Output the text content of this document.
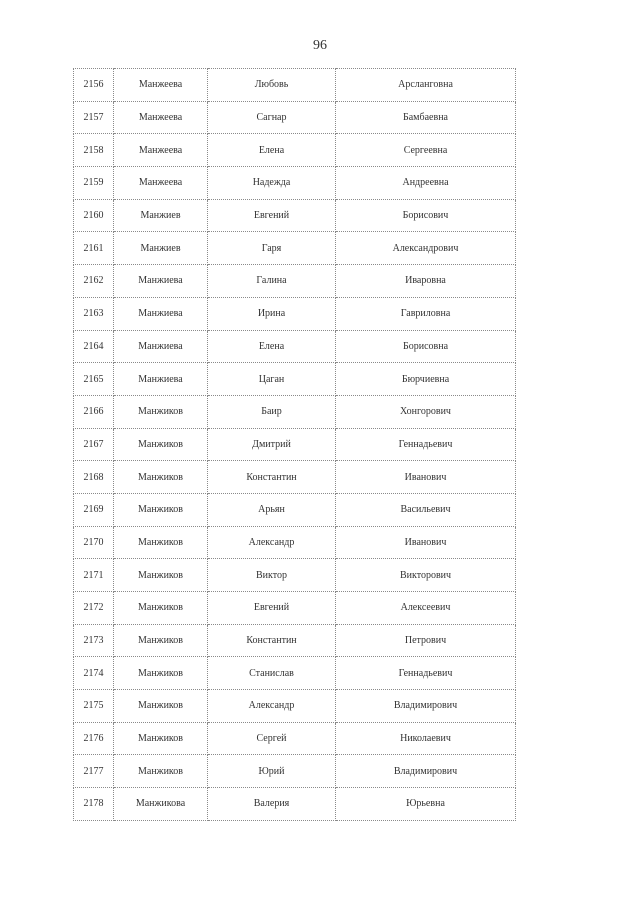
96
2156	Манжеева	Любовь	Арсланговна
2157	Манжеева	Сагнар	Бамбаевна
2158	Манжеева	Елена	Сергеевна
2159	Манжеева	Надежда	Андреевна
2160	Манжиев	Евгений	Борисович
2161	Манжиев	Гаря	Александрович
2162	Манжиева	Галина	Иваровна
2163	Манжиева	Ирина	Гавриловна
2164	Манжиева	Елена	Борисовна
2165	Манжиева	Цаган	Бюрчиевна
2166	Манжиков	Баир	Хонгорович
2167	Манжиков	Дмитрий	Геннадьевич
2168	Манжиков	Константин	Иванович
2169	Манжиков	Арьян	Васильевич
2170	Манжиков	Александр	Иванович
2171	Манжиков	Виктор	Викторович
2172	Манжиков	Евгений	Алексеевич
2173	Манжиков	Константин	Петрович
2174	Манжиков	Станислав	Геннадьевич
2175	Манжиков	Александр	Владимирович
2176	Манжиков	Сергей	Николаевич
2177	Манжиков	Юрий	Владимирович
2178	Манжикова	Валерия	Юрьевна
